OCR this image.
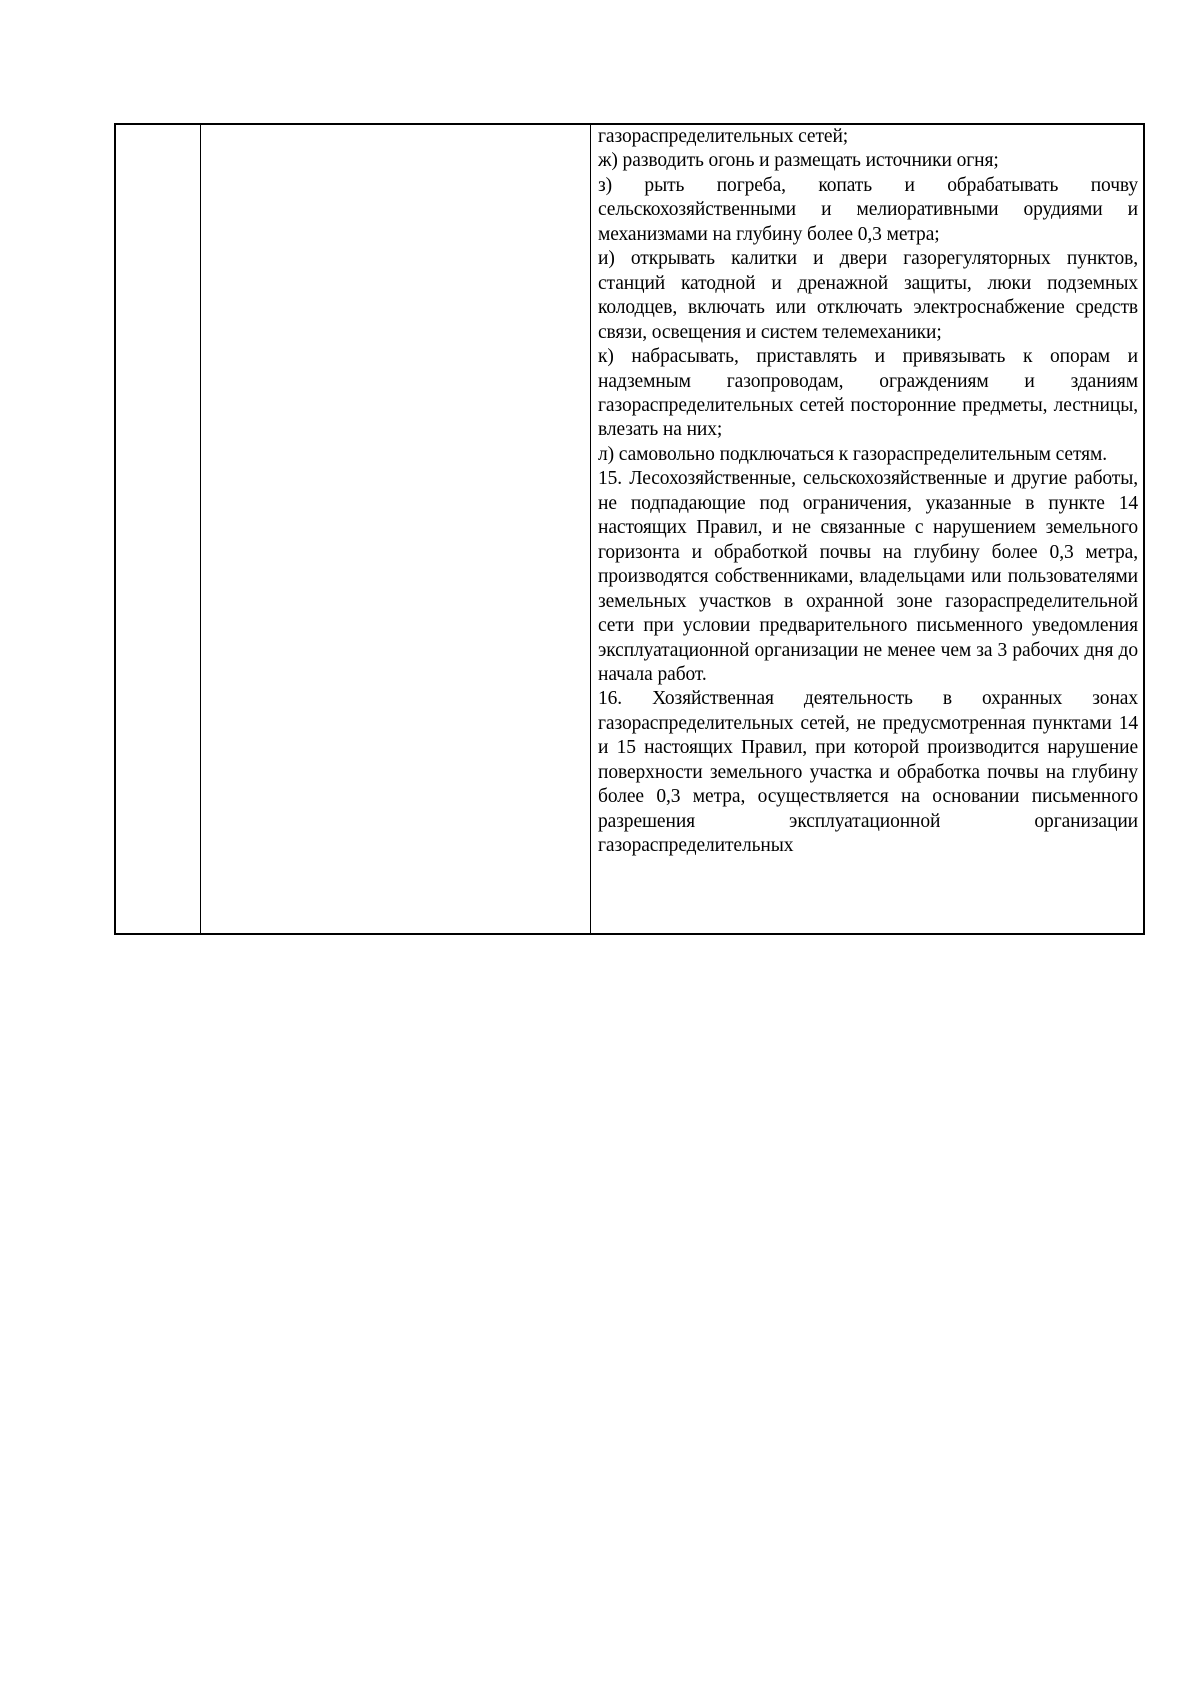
газораспределительных сетей;

ж) разводить огонь и размещать источники огня;

з) рыть погреба, копать и обрабатывать почву сельскохозяйственными и мелиоративными орудиями и механизмами на глубину более 0,3 метра;

и) открывать калитки и двери газорегуляторных пунктов, станций катодной и дренажной защиты, люки подземных колодцев, включать или отключать электроснабжение средств связи, освещения и систем телемеханики;

к) набрасывать, приставлять и привязывать к опорам и надземным газопроводам, ограждениям и зданиям газораспределительных сетей посторонние предметы, лестницы, влезать на них;

л) самовольно подключаться к газораспределительным сетям.

15. Лесохозяйственные, сельскохозяйственные и другие работы, не подпадающие под ограничения, указанные в пункте 14 настоящих Правил, и не связанные с нарушением земельного горизонта и обработкой почвы на глубину более 0,3 метра, производятся собственниками, владельцами или пользователями земельных участков в охранной зоне газораспределительной сети при условии предварительного письменного уведомления эксплуатационной организации не менее чем за 3 рабочих дня до начала работ.

16. Хозяйственная деятельность в охранных зонах газораспределительных сетей, не предусмотренная пунктами 14 и 15 настоящих Правил, при которой производится нарушение поверхности земельного участка и обработка почвы на глубину более 0,3 метра, осуществляется на основании письменного разрешения эксплуатационной организации газораспределительных
